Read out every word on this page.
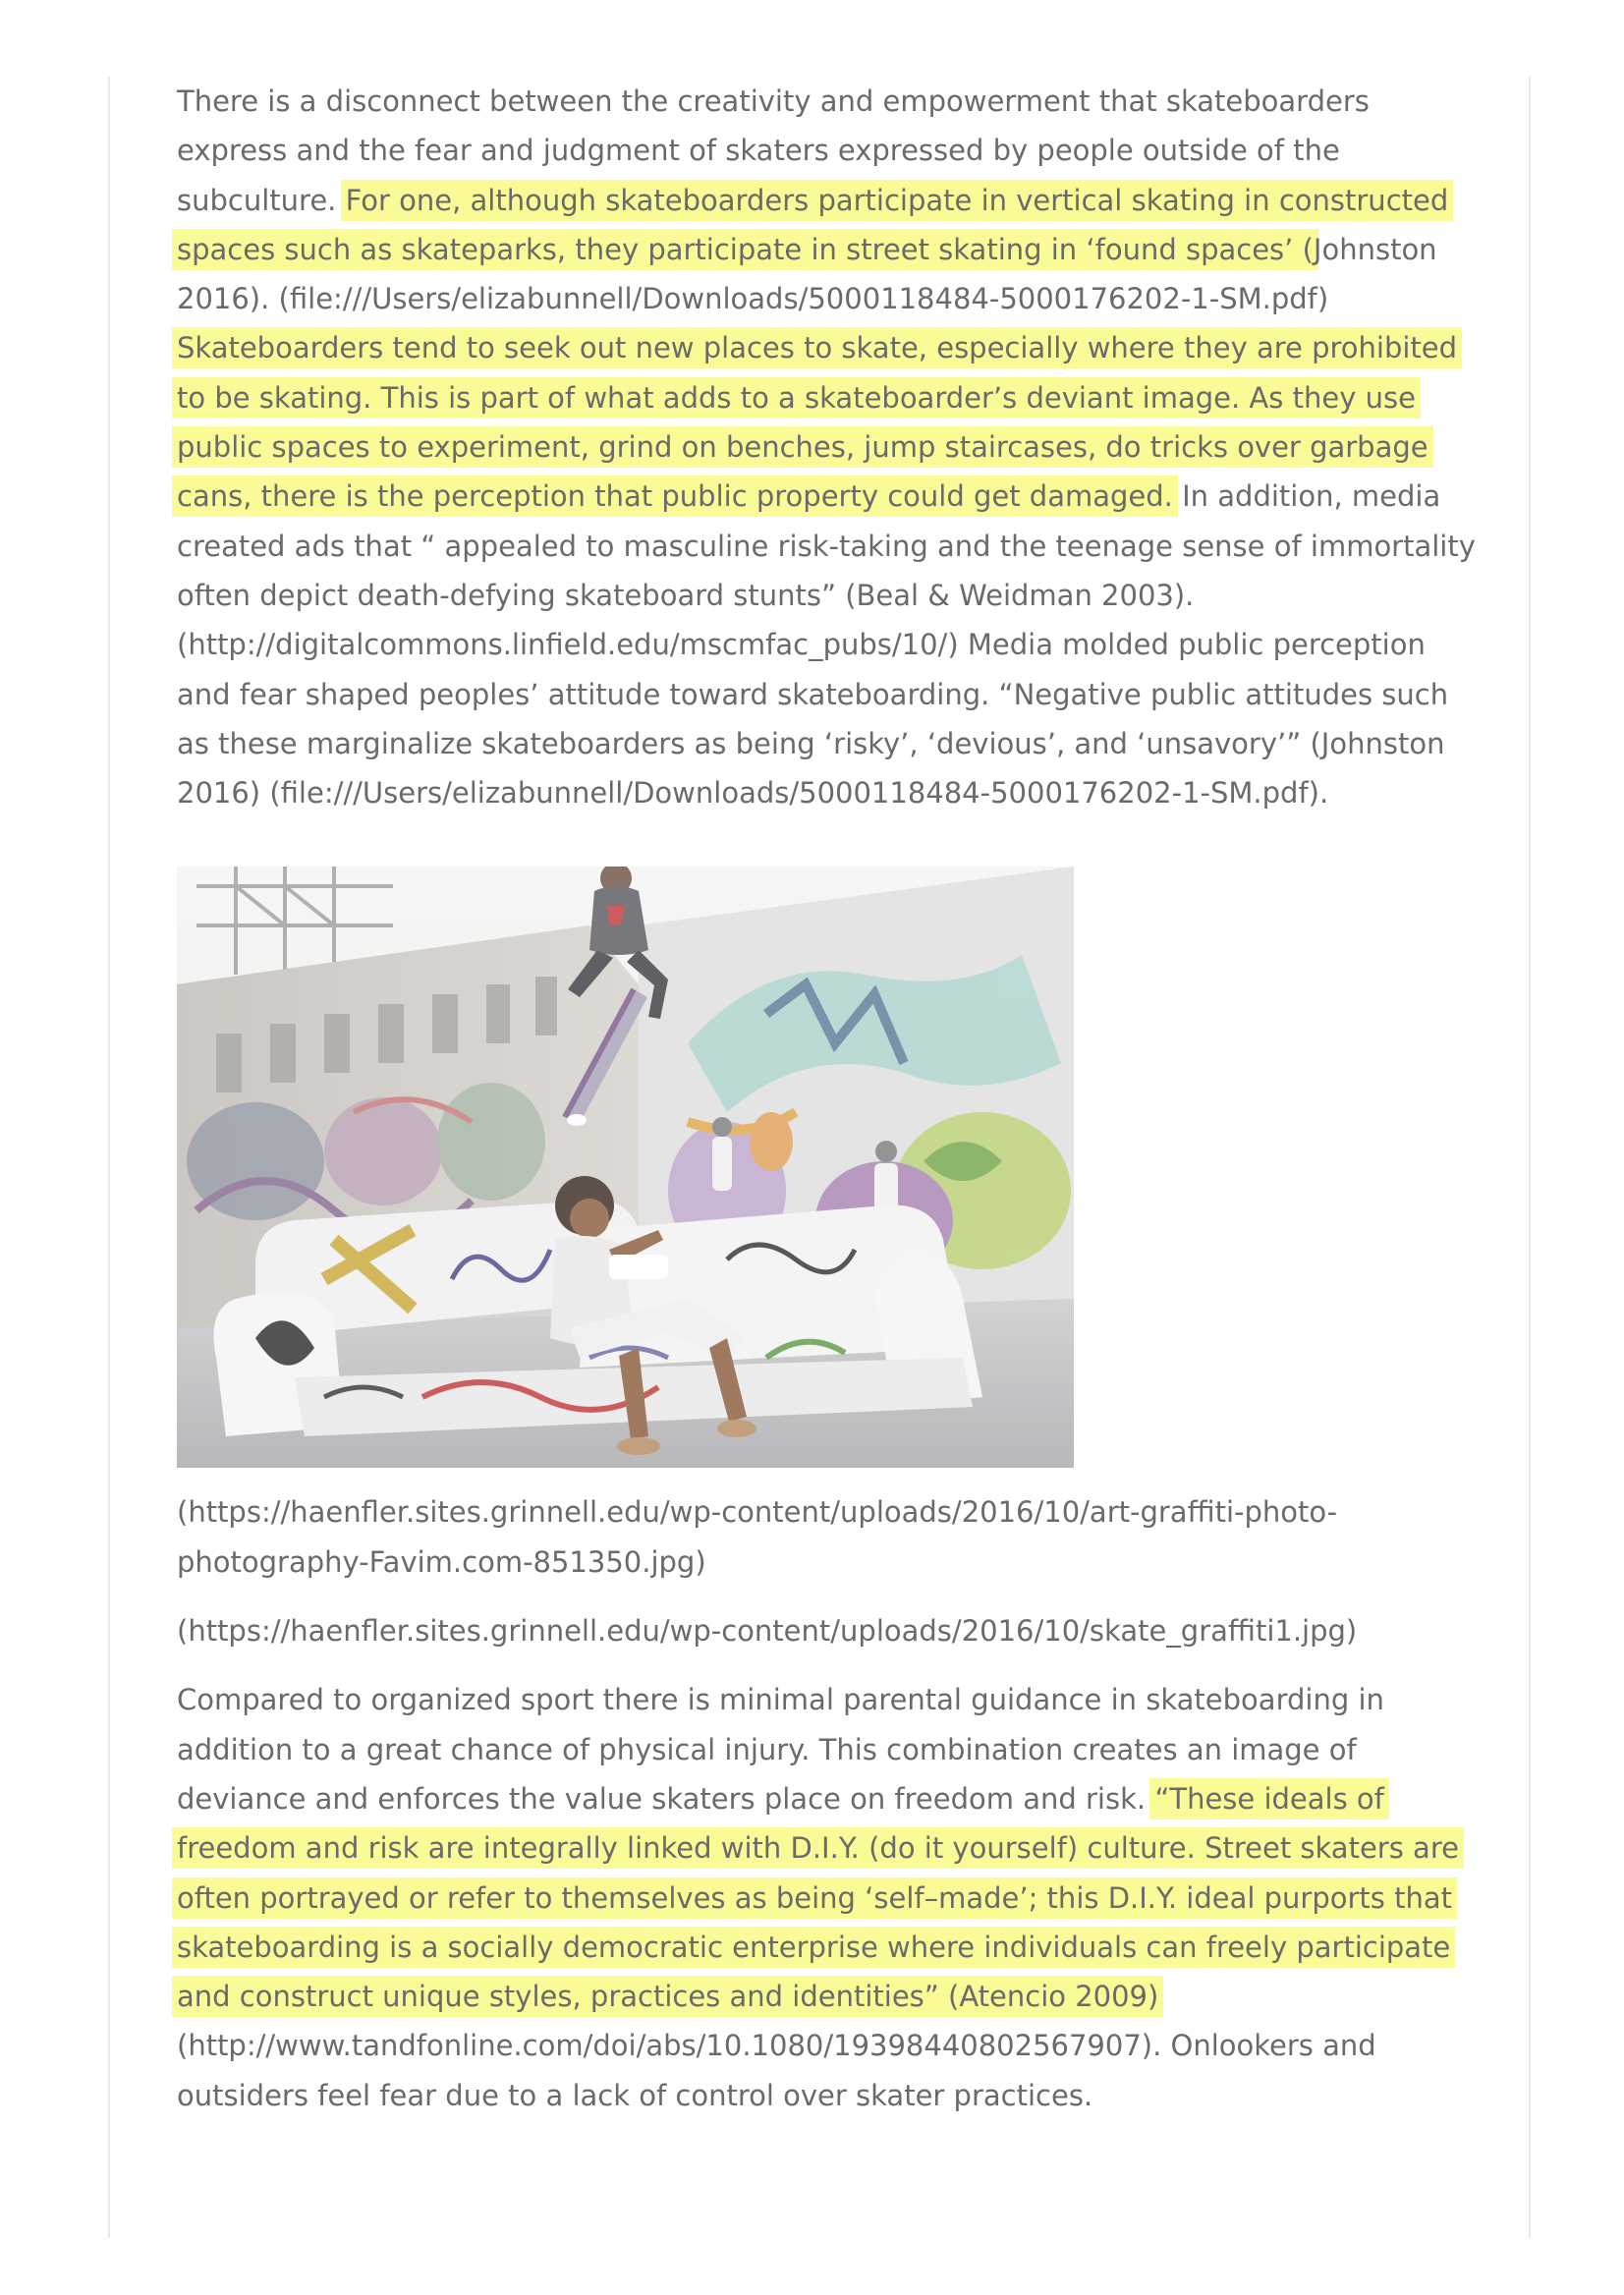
There is a disconnect between the creativity and empowerment that skateboarders express and the fear and judgment of skaters expressed by people outside of the subculture. For one, although skateboarders participate in vertical skating in constructed spaces such as skateparks, they participate in street skating in ‘found spaces’ (Johnston 2016). (file:///Users/elizabunnell/Downloads/5000118484-5000176202-1-SM.pdf) Skateboarders tend to seek out new places to skate, especially where they are prohibited to be skating. This is part of what adds to a skateboarder’s deviant image. As they use public spaces to experiment, grind on benches, jump staircases, do tricks over garbage cans, there is the perception that public property could get damaged. In addition, media created ads that “ appealed to masculine risk-taking and the teenage sense of immortality often depict death-defying skateboard stunts” (Beal & Weidman 2003).
(http://digitalcommons.linfield.edu/mscmfac_pubs/10/) Media molded public perception and fear shaped peoples’ attitude toward skateboarding. “Negative public attitudes such as these marginalize skateboarders as being ‘risky’, ‘devious’, and ‘unsavory’” (Johnston 2016) (file:///Users/elizabunnell/Downloads/5000118484-5000176202-1-SM.pdf).

(https://haenfler.sites.grinnell.edu/wp-content/uploads/2016/10/art-graffiti-photo-photography-Favim.com-851350.jpg)

(https://haenfler.sites.grinnell.edu/wp-content/uploads/2016/10/skate_graffiti1.jpg)

Compared to organized sport there is minimal parental guidance in skateboarding in addition to a great chance of physical injury. This combination creates an image of deviance and enforces the value skaters place on freedom and risk. “These ideals of freedom and risk are integrally linked with D.I.Y. (do it yourself) culture. Street skaters are often portrayed or refer to themselves as being ‘self–made’; this D.I.Y. ideal purports that skateboarding is a socially democratic enterprise where individuals can freely participate and construct unique styles, practices and identities” (Atencio 2009) (http://www.tandfonline.com/doi/abs/10.1080/19398440802567907). Onlookers and outsiders feel fear due to a lack of control over skater practices.
